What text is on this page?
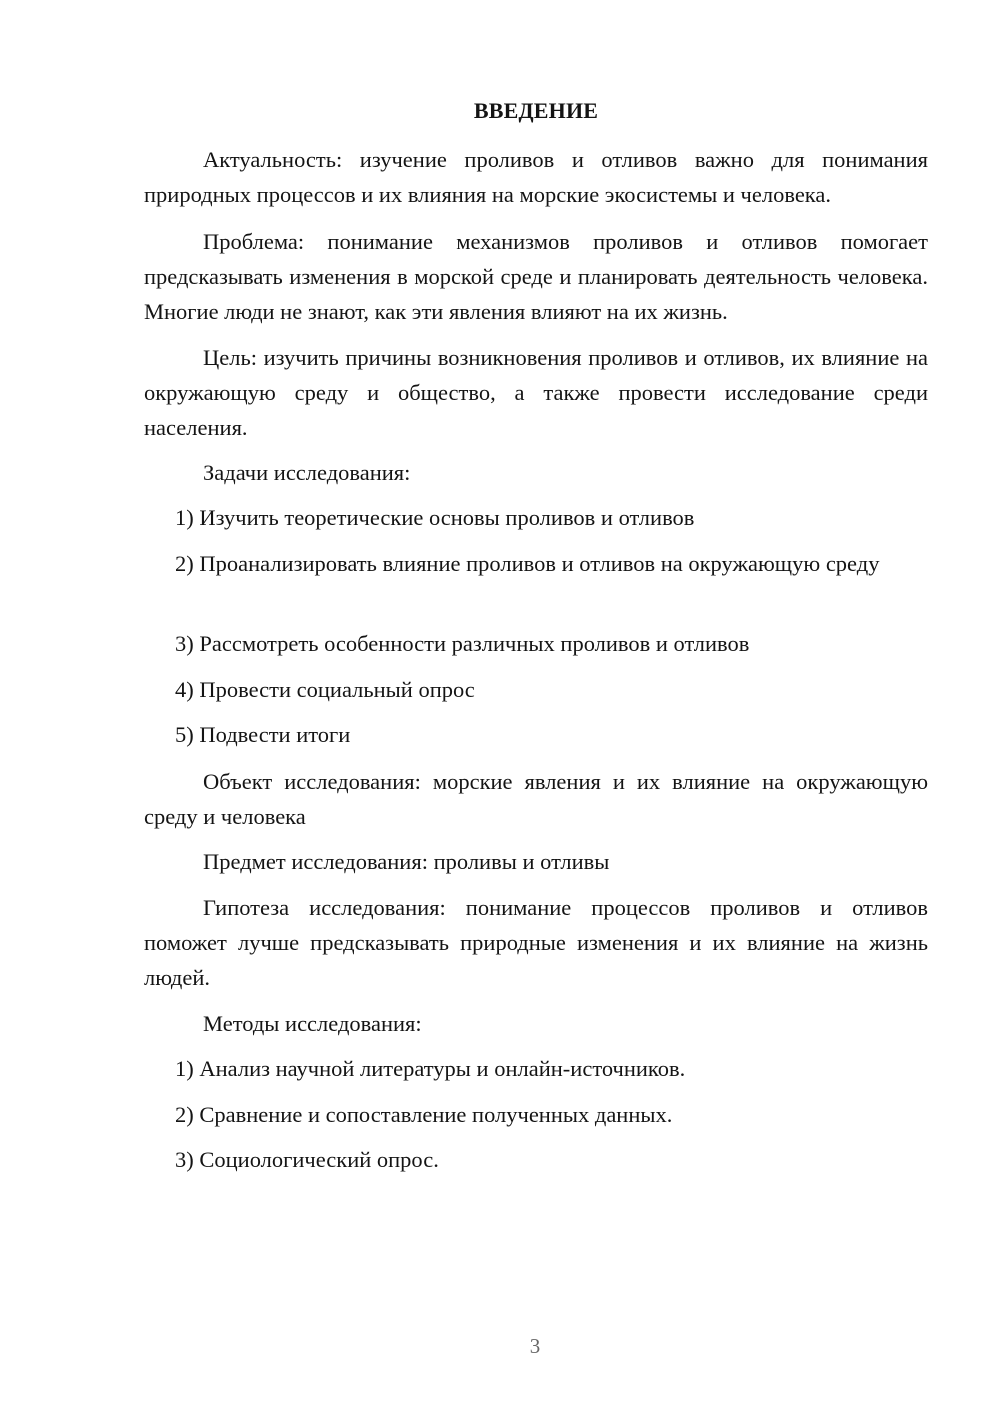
ВВЕДЕНИЕ

Актуальность: изучение проливов и отливов важно для понимания природных процессов и их влияния на морские экосистемы и человека.

Проблема: понимание механизмов проливов и отливов помогает предсказывать изменения в морской среде и планировать деятельность человека. Многие люди не знают, как эти явления влияют на их жизнь.

Цель: изучить причины возникновения проливов и отливов, их влияние на окружающую среду и общество, а также провести исследование среди населения.

Задачи исследования:

1) Изучить теоретические основы проливов и отливов

2) Проанализировать влияние проливов и отливов на окружающую среду

3) Рассмотреть особенности различных проливов и отливов

4) Провести социальный опрос

5) Подвести итоги

Объект исследования: морские явления и их влияние на окружающую среду и человека

Предмет исследования: проливы и отливы

Гипотеза исследования: понимание процессов проливов и отливов поможет лучше предсказывать природные изменения и их влияние на жизнь людей.

Методы исследования:

1) Анализ научной литературы и онлайн-источников.

2) Сравнение и сопоставление полученных данных.

3) Социологический опрос.

3
